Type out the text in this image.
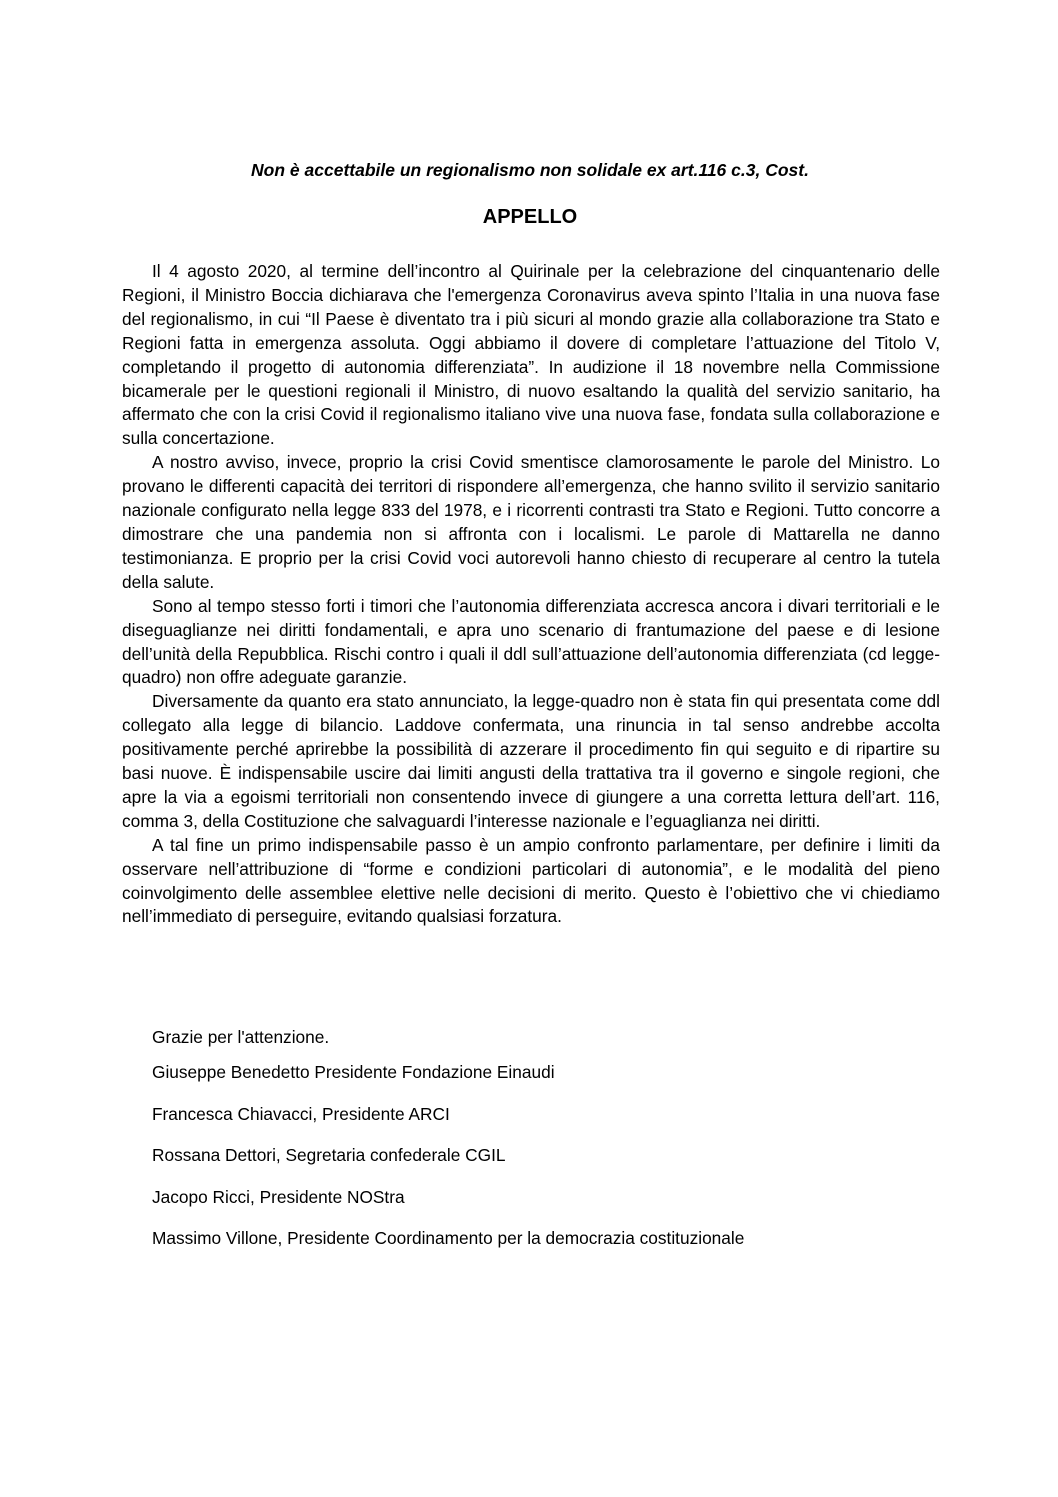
Non è accettabile un regionalismo non solidale ex art.116 c.3, Cost.
APPELLO

Il 4 agosto 2020, al termine dell’incontro al Quirinale per la celebrazione del cinquantenario delle Regioni, il Ministro Boccia dichiarava che l'emergenza Coronavirus aveva spinto l’Italia in una nuova fase del regionalismo, in cui “Il Paese è diventato tra i più sicuri al mondo grazie alla collaborazione tra Stato e Regioni fatta in emergenza assoluta. Oggi abbiamo il dovere di completare l’attuazione del Titolo V, completando il progetto di autonomia differenziata”. In audizione il 18 novembre nella Commissione bicamerale per le questioni regionali il Ministro, di nuovo esaltando la qualità del servizio sanitario, ha affermato che con la crisi Covid il regionalismo italiano vive una nuova fase, fondata sulla collaborazione e sulla concertazione.

A nostro avviso, invece, proprio la crisi Covid smentisce clamorosamente le parole del Ministro. Lo provano le differenti capacità dei territori di rispondere all’emergenza, che hanno svilito il servizio sanitario nazionale configurato nella legge 833 del 1978, e i ricorrenti contrasti tra Stato e Regioni. Tutto concorre a dimostrare che una pandemia non si affronta con i localismi. Le parole di Mattarella ne danno testimonianza. E proprio per la crisi Covid voci autorevoli hanno chiesto di recuperare al centro la tutela della salute.

Sono al tempo stesso forti i timori che l’autonomia differenziata accresca ancora i divari territoriali e le diseguaglianze nei diritti fondamentali, e apra uno scenario di frantumazione del paese e di lesione dell’unità della Repubblica. Rischi contro i quali il ddl sull’attuazione dell’autonomia differenziata (cd legge-quadro) non offre adeguate garanzie.

Diversamente da quanto era stato annunciato, la legge-quadro non è stata fin qui presentata come ddl collegato alla legge di bilancio. Laddove confermata, una rinuncia in tal senso andrebbe accolta positivamente perché aprirebbe la possibilità di azzerare il procedimento fin qui seguito e di ripartire su basi nuove. È indispensabile uscire dai limiti angusti della trattativa tra il governo e singole regioni, che apre la via a egoismi territoriali non consentendo invece di giungere a una corretta lettura dell’art. 116, comma 3, della Costituzione che salvaguardi l’interesse nazionale e l’eguaglianza nei diritti.

A tal fine un primo indispensabile passo è un ampio confronto parlamentare, per definire i limiti da osservare nell’attribuzione di “forme e condizioni particolari di autonomia”, e le modalità del pieno coinvolgimento delle assemblee elettive nelle decisioni di merito. Questo è l’obiettivo che vi chiediamo nell’immediato di perseguire, evitando qualsiasi forzatura.

Grazie per l'attenzione.

Giuseppe Benedetto Presidente Fondazione Einaudi
Francesca Chiavacci, Presidente ARCI
Rossana Dettori, Segretaria confederale CGIL
Jacopo Ricci, Presidente NOStra
Massimo Villone, Presidente Coordinamento per la democrazia costituzionale
